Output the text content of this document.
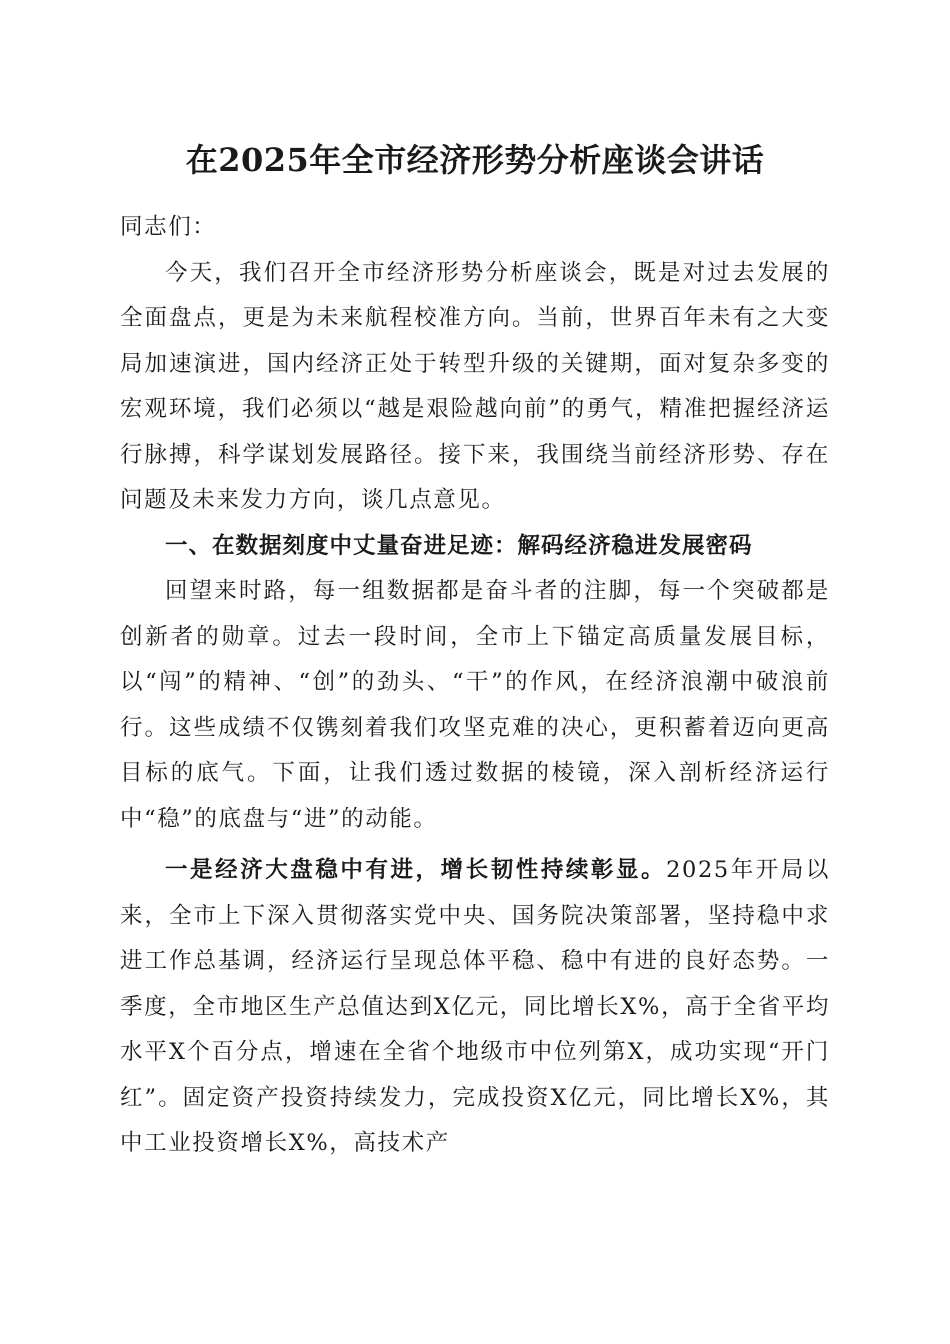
在2025年全市经济形势分析座谈会讲话

同志们：

今天，我们召开全市经济形势分析座谈会，既是对过去发展的全面盘点，更是为未来航程校准方向。当前，世界百年未有之大变局加速演进，国内经济正处于转型升级的关键期，面对复杂多变的宏观环境，我们必须以“越是艰险越向前”的勇气，精准把握经济运行脉搏，科学谋划发展路径。接下来，我围绕当前经济形势、存在问题及未来发力方向，谈几点意见。

一、在数据刻度中丈量奋进足迹：解码经济稳进发展密码

回望来时路，每一组数据都是奋斗者的注脚，每一个突破都是创新者的勋章。过去一段时间，全市上下锚定高质量发展目标，以“闯”的精神、“创”的劲头、“干”的作风，在经济浪潮中破浪前行。这些成绩不仅镌刻着我们攻坚克难的决心，更积蓄着迈向更高目标的底气。下面，让我们透过数据的棱镜，深入剖析经济运行中“稳”的底盘与“进”的动能。

一是经济大盘稳中有进，增长韧性持续彰显。2025年开局以来，全市上下深入贯彻落实党中央、国务院决策部署，坚持稳中求进工作总基调，经济运行呈现总体平稳、稳中有进的良好态势。一季度，全市地区生产总值达到X亿元，同比增长X%，高于全省平均水平X个百分点，增速在全省个地级市中位列第X，成功实现“开门红”。固定资产投资持续发力，完成投资X亿元，同比增长X%，其中工业投资增长X%，高技术产
